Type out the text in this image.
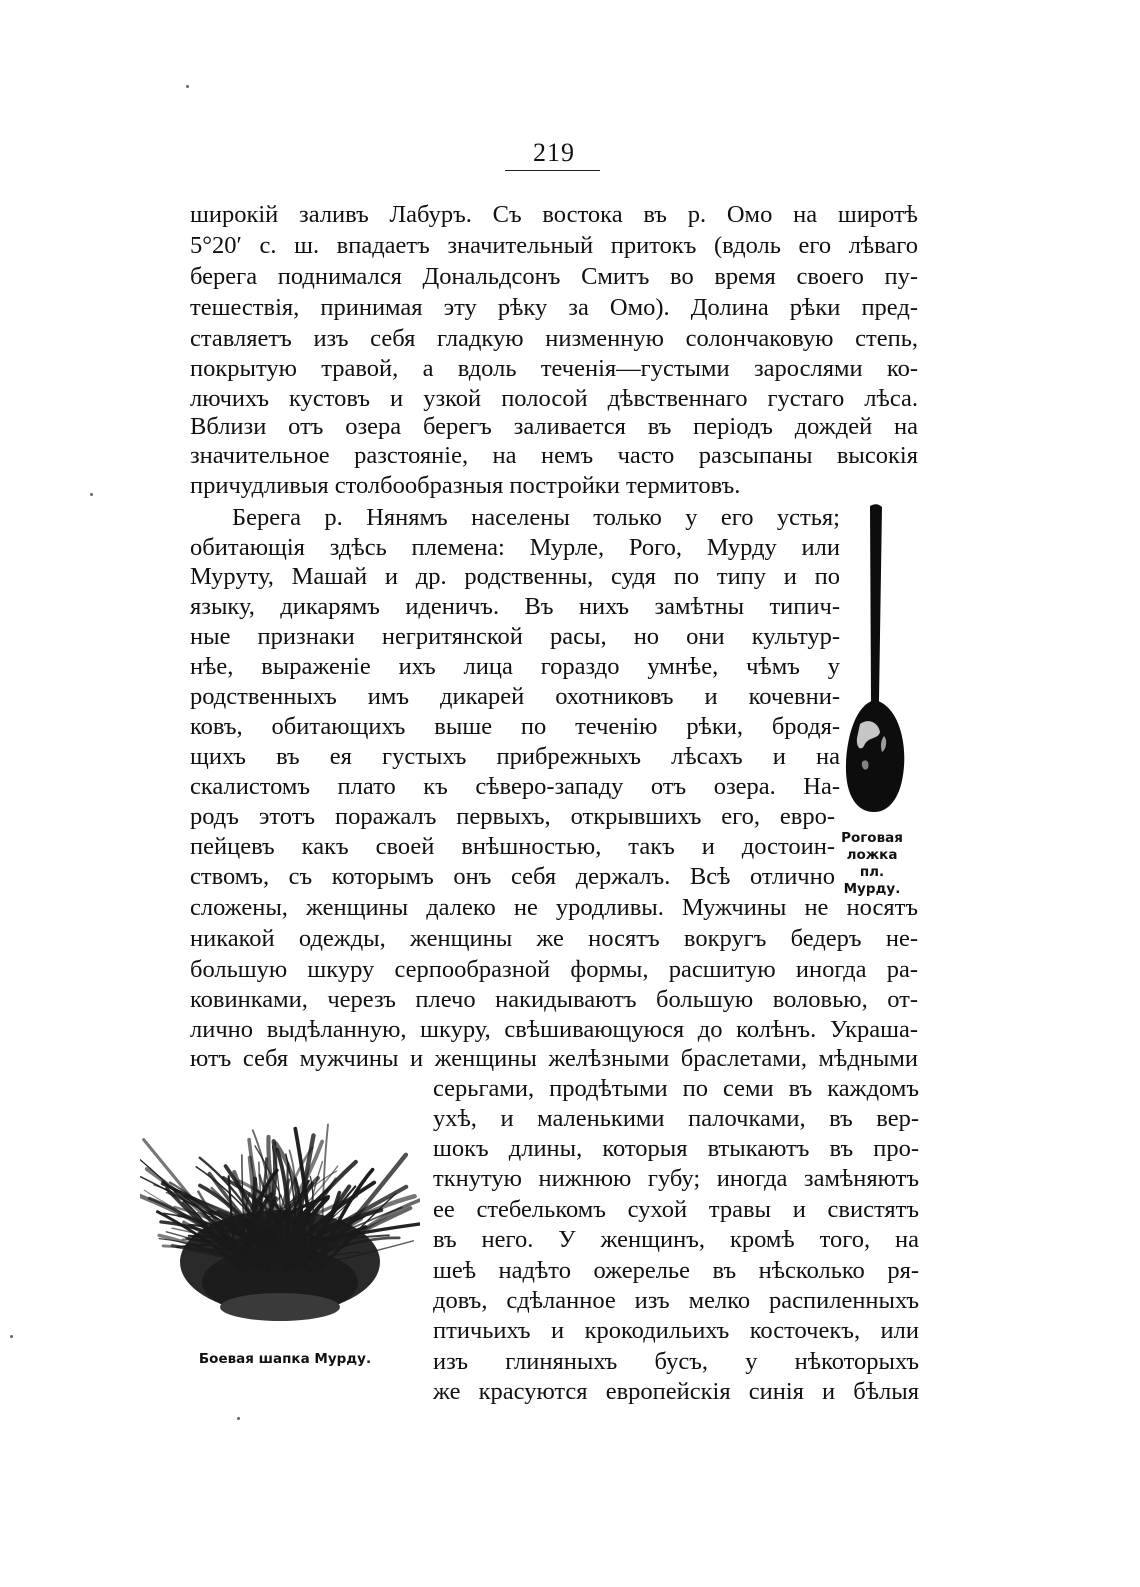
219
широкiй заливъ Лабуръ. Съ востока въ р. Омо на широтѣ
5°20′ с. ш. впадаетъ значительный притокъ (вдоль его лѣваго
берега поднимался Дональдсонъ Смитъ во время своего пу-
тешествiя, принимая эту рѣку за Омо). Долина рѣки пред-
ставляетъ изъ себя гладкую низменную солончаковую степь,
покрытую травой, а вдоль теченiя—густыми зарослями ко-
лючихъ кустовъ и узкой полосой дѣвственнаго густаго лѣса.
Вблизи отъ озера берегъ заливается въ перiодъ дождей на
значительное разстоянiе, на немъ часто разсыпаны высокiя
причудливыя столбообразныя постройки термитовъ.
Берега р. Нянямъ населены только у его устья;
обитающiя здѣсь племена: Мурле, Рого, Мурду или
Муруту, Машай и др. родственны, судя по типу и по
языку, дикарямъ иденичъ. Въ нихъ замѣтны типич-
ные признаки негритянской расы, но они культур-
нѣе, выраженiе ихъ лица гораздо умнѣе, чѣмъ у
родственныхъ имъ дикарей охотниковъ и кочевни-
ковъ, обитающихъ выше по теченiю рѣки, бродя-
щихъ въ ея густыхъ прибрежныхъ лѣсахъ и на
скалистомъ плато къ сѣверо-западу отъ озера. На-
родъ этотъ поражалъ первыхъ, открывшихъ его, евро-
пейцевъ какъ своей внѣшностью, такъ и достоин-
ствомъ, съ которымъ онъ себя держалъ. Всѣ отлично
сложены, женщины далеко не уродливы. Мужчины не носятъ
никакой одежды, женщины же носятъ вокругъ бедеръ не-
большую шкуру серпообразной формы, расшитую иногда ра-
ковинками, черезъ плечо накидываютъ большую воловью, от-
лично выдѣланную, шкуру, свѣшивающуюся до колѣнъ. Украша-
ютъ себя мужчины и женщины желѣзными браслетами, мѣдными
серьгами, продѣтыми по семи въ каждомъ
ухѣ, и маленькими палочками, въ вер-
шокъ длины, которыя втыкаютъ въ про-
ткнутую нижнюю губу; иногда замѣняютъ
ее стебелькомъ сухой травы и свистятъ
въ него. У женщинъ, кромѣ того, на
шеѣ надѣто ожерелье въ нѣсколько ря-
довъ, сдѣланное изъ мелко распиленныхъ
птичьихъ и крокодильихъ косточекъ, или
изъ глиняныхъ бусъ, у нѣкоторыхъ
же красуются европейскiя синiя и бѣлыя
Роговая
ложка
пл. Мурду.
Боевая шапка Мурду.
